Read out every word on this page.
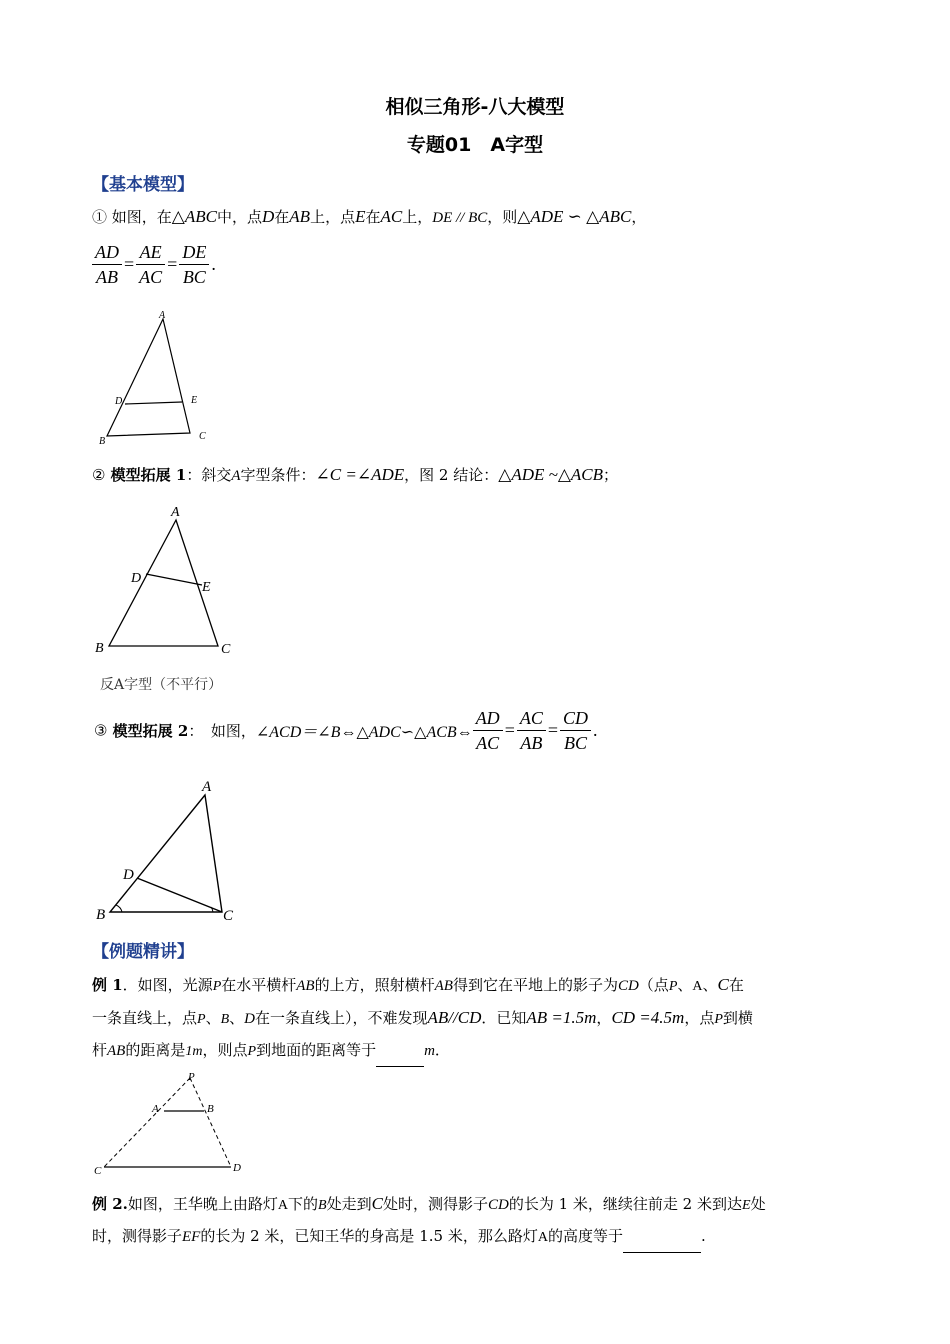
相似三角形-八大模型
专题01　A字型
【基本模型】
① 如图，在△ABC中，点D在AB上，点E在AC上，DE // BC，则△ADE ∽ △ABC，
$\frac{AD}{AB} = \frac{AE}{AC} = \frac{DE}{BC}$ .
A
B	C
D	E
② 模型拓展 1：斜交A字型条件：∠C =∠ADE，图 2 结论：△ADE ~△ACB；
A
B	C
D
E
反A字型（不平行）
③ 模型拓展 2：　如图，∠ACD＝∠B⇔△ADC∽△ACB⇔ $\frac{AD}{AC} = \frac{AC}{AB} = \frac{CD}{BC}$ .
A
B	C
D
【例题精讲】
例 1．如图，光源P在水平横杆AB的上方，照射横杆AB得到它在平地上的影子为CD（点P、A、C在
一条直线上，点P、B、D在一条直线上），不难发现AB//CD．已知AB =1.5m，CD =4.5m，点P到横
杆AB的距离是1m，则点P到地面的距离等于	m．
P
A	B
C	D
例 2.如图，王华晚上由路灯A下的B处走到C处时，测得影子CD的长为 1 米，继续往前走 2 米到达E处
时，测得影子EF的长为 2 米，已知王华的身高是 1.5 米，那么路灯A的高度等于	.
